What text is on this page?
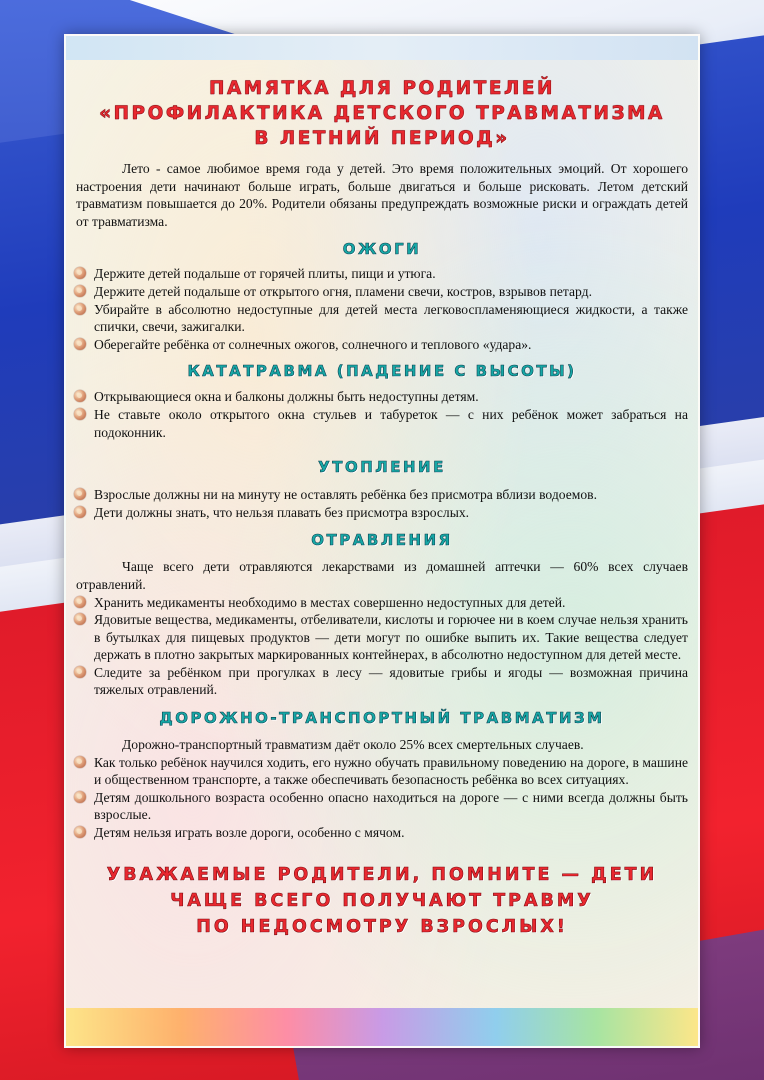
ПАМЯТКА ДЛЯ РОДИТЕЛЕЙ
«ПРОФИЛАКТИКА ДЕТСКОГО ТРАВМАТИЗМА
В ЛЕТНИЙ ПЕРИОД»

Лето - самое любимое время года у детей. Это время положительных эмоций. От хорошего настроения дети начинают больше играть, больше двигаться и больше рисковать. Летом детский травматизм повышается до 20%. Родители обязаны предупреждать возможные риски и ограждать детей от травматизма.

ОЖОГИ
Держите детей подальше от горячей плиты, пищи и утюга.
Держите детей подальше от открытого огня, пламени свечи, костров, взрывов петард.
Убирайте в абсолютно недоступные для детей места легковоспламеняющиеся жидкости, а также спички, свечи, зажигалки.
Оберегайте ребёнка от солнечных ожогов, солнечного и теплового «удара».
КАТАТРАВМА (ПАДЕНИЕ С ВЫСОТЫ)
Открывающиеся окна и балконы должны быть недоступны детям.
Не ставьте около открытого окна стульев и табуреток — с них ребёнок может забраться на подоконник.
УТОПЛЕНИЕ
Взрослые должны ни на минуту не оставлять ребёнка без присмотра вблизи водоемов.
Дети должны знать, что нельзя плавать без присмотра взрослых.
ОТРАВЛЕНИЯ

Чаще всего дети отравляются лекарствами из домашней аптечки — 60% всех случаев отравлений.

Хранить медикаменты необходимо в местах совершенно недоступных для детей.
Ядовитые вещества, медикаменты, отбеливатели, кислоты и горючее ни в коем случае нельзя хранить в бутылках для пищевых продуктов — дети могут по ошибке выпить их. Такие вещества следует держать в плотно закрытых маркированных контейнерах, в абсолютно недоступном для детей месте.
Следите за ребёнком при прогулках в лесу — ядовитые грибы и ягоды — возможная причина тяжелых отравлений.
ДОРОЖНО-ТРАНСПОРТНЫЙ ТРАВМАТИЗМ

Дорожно-транспортный травматизм даёт около 25% всех смертельных случаев.

Как только ребёнок научился ходить, его нужно обучать правильному поведению на дороге, в машине и общественном транспорте, а также обеспечивать безопасность ребёнка во всех ситуациях.
Детям дошкольного возраста особенно опасно находиться на дороге — с ними всегда должны быть взрослые.
Детям нельзя играть возле дороги, особенно с мячом.
УВАЖАЕМЫЕ РОДИТЕЛИ, ПОМНИТЕ — ДЕТИ
ЧАЩЕ ВСЕГО ПОЛУЧАЮТ ТРАВМУ
ПО НЕДОСМОТРУ ВЗРОСЛЫХ!
